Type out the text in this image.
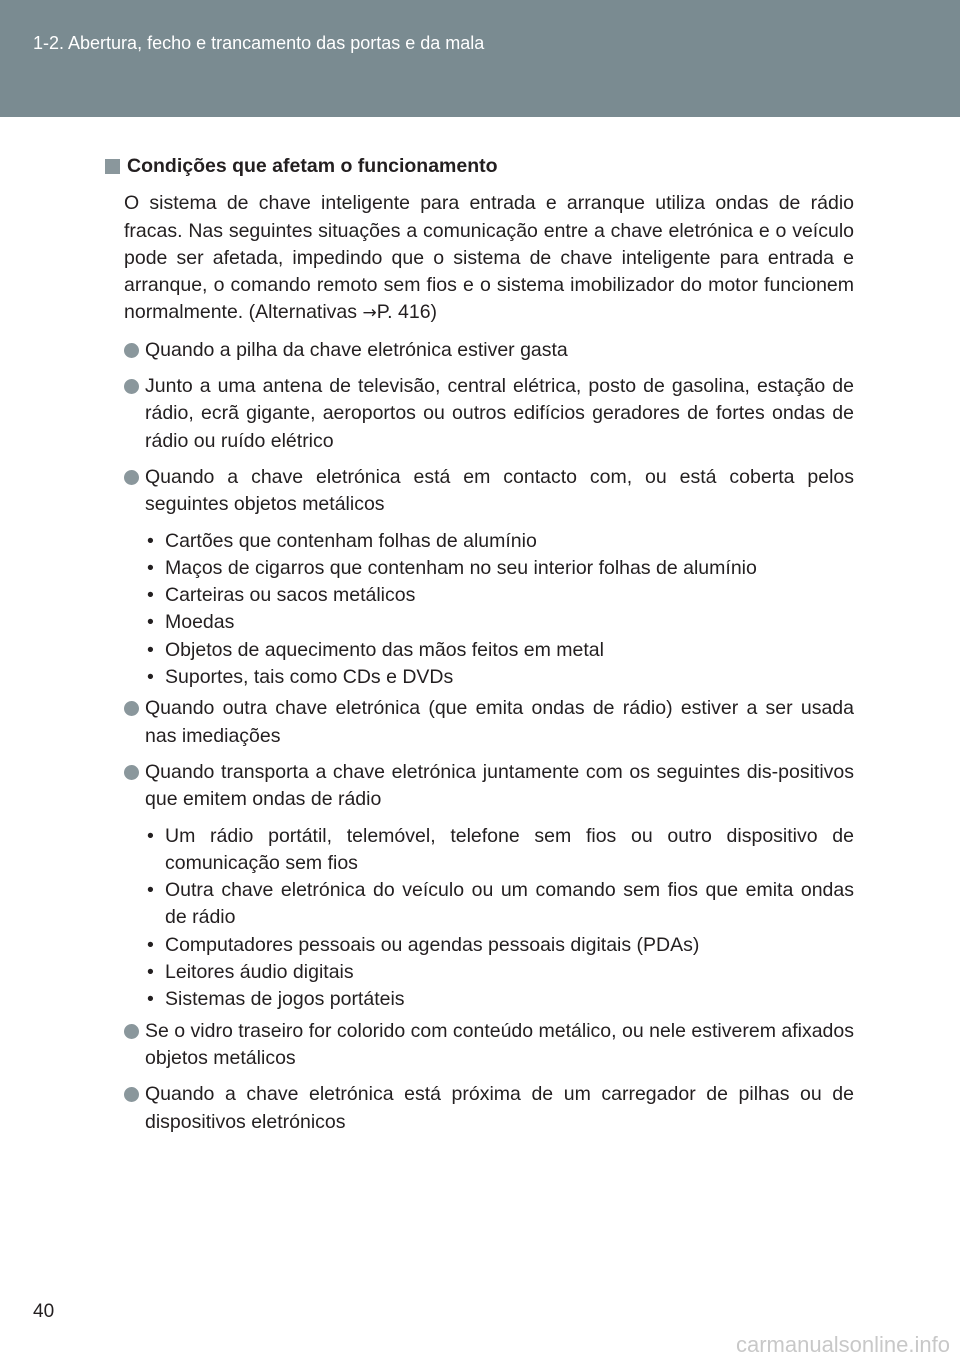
1-2. Abertura, fecho e trancamento das portas e da mala
Condições que afetam o funcionamento
O sistema de chave inteligente para entrada e arranque utiliza ondas de rádio fracas. Nas seguintes situações a comunicação entre a chave eletrónica e o veículo pode ser afetada, impedindo que o sistema de chave inteligente para entrada e arranque, o comando remoto sem fios e o sistema imobilizador do motor funcionem normalmente. (Alternativas →P. 416)
Quando a pilha da chave eletrónica estiver gasta
Junto a uma antena de televisão, central elétrica, posto de gasolina, estação de rádio, ecrã gigante, aeroportos ou outros edifícios geradores de fortes ondas de rádio ou ruído elétrico
Quando a chave eletrónica está em contacto com, ou está coberta pelos seguintes objetos metálicos
• Cartões que contenham folhas de alumínio
• Maços de cigarros que contenham no seu interior folhas de alumínio
• Carteiras ou sacos metálicos
• Moedas
• Objetos de aquecimento das mãos feitos em metal
• Suportes, tais como CDs e DVDs
Quando outra chave eletrónica (que emita ondas de rádio) estiver a ser usada nas imediações
Quando transporta a chave eletrónica juntamente com os seguintes dis-positivos que emitem ondas de rádio
• Um rádio portátil, telemóvel, telefone sem fios ou outro dispositivo de comunicação sem fios
• Outra chave eletrónica do veículo ou um comando sem fios que emita ondas de rádio
• Computadores pessoais ou agendas pessoais digitais (PDAs)
• Leitores áudio digitais
• Sistemas de jogos portáteis
Se o vidro traseiro for colorido com conteúdo metálico, ou nele estiverem afixados objetos metálicos
Quando a chave eletrónica está próxima de um carregador de pilhas ou de dispositivos eletrónicos
40
carmanualsonline.info
